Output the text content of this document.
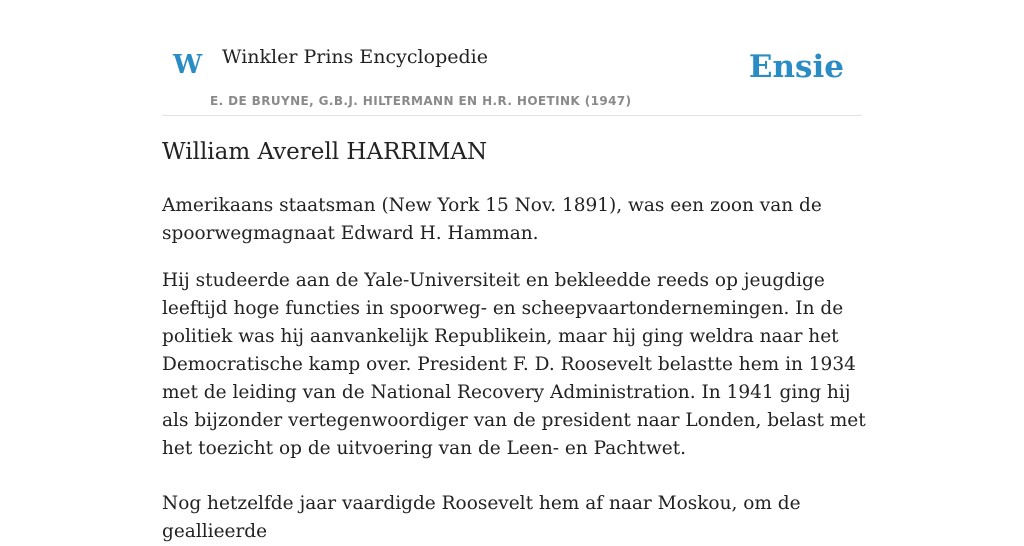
W Winkler Prins Encyclopedie
E. DE BRUYNE, G.B.J. HILTERMANN EN H.R. HOETINK (1947)
Ensie
William Averell HARRIMAN

Amerikaans staatsman (New York 15 Nov. 1891), was een zoon van de spoorwegmagnaat Edward H. Hamman.

Hij studeerde aan de Yale-Universiteit en bekleedde reeds op jeugdige leeftijd hoge functies in spoorweg- en scheepvaartondernemingen. In de politiek was hij aanvankelijk Republikein, maar hij ging weldra naar het Democratische kamp over. President F. D. Roosevelt belastte hem in 1934 met de leiding van de National Recovery Administration. In 1941 ging hij als bijzonder vertegenwoordiger van de president naar Londen, belast met het toezicht op de uitvoering van de Leen- en Pachtwet.

Nog hetzelfde jaar vaardigde Roosevelt hem af naar Moskou, om de geallieerde
